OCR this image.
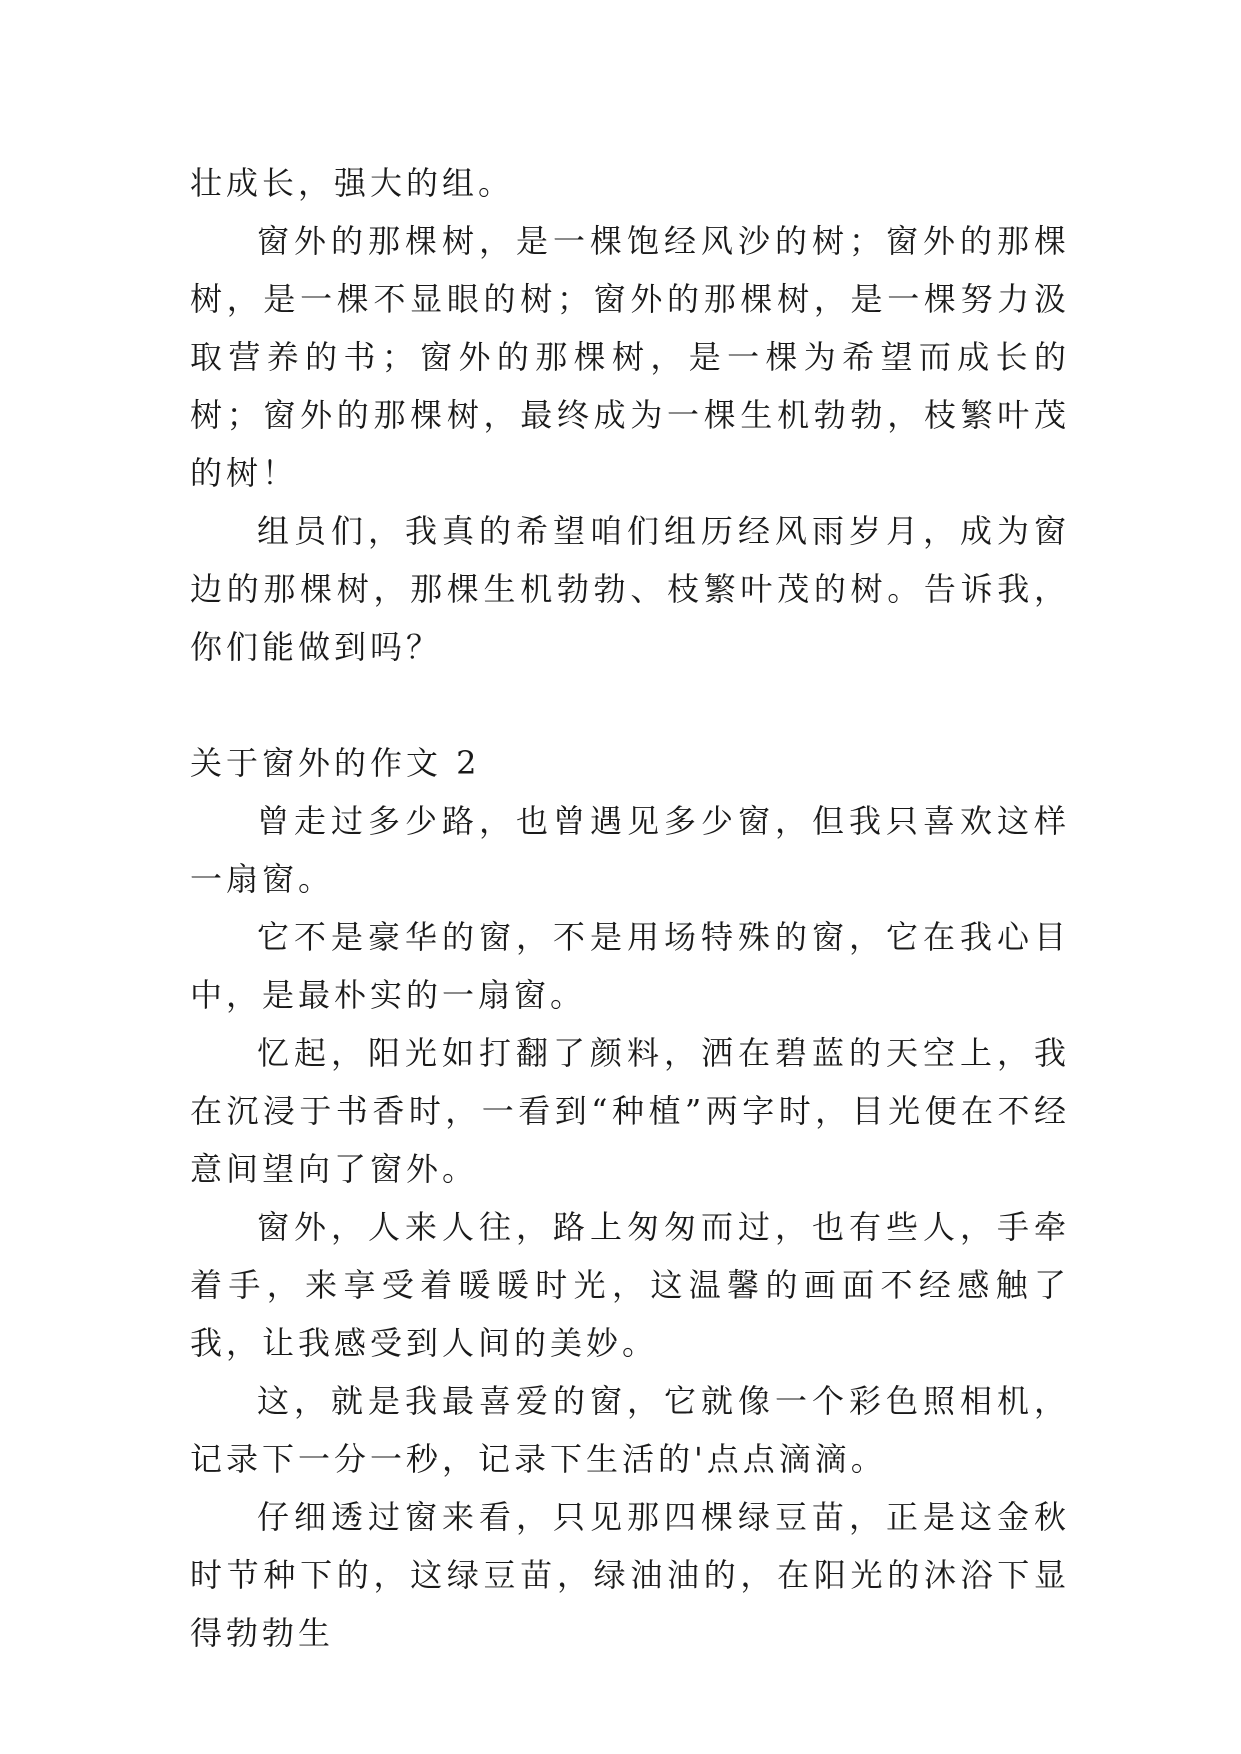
壮成长，强大的组。

窗外的那棵树，是一棵饱经风沙的树；窗外的那棵树，是一棵不显眼的树；窗外的那棵树，是一棵努力汲取营养的书；窗外的那棵树，是一棵为希望而成长的树；窗外的那棵树，最终成为一棵生机勃勃，枝繁叶茂的树！

组员们，我真的希望咱们组历经风雨岁月，成为窗边的那棵树，那棵生机勃勃、枝繁叶茂的树。告诉我，你们能做到吗？

关于窗外的作文 2

曾走过多少路，也曾遇见多少窗，但我只喜欢这样一扇窗。

它不是豪华的窗，不是用场特殊的窗，它在我心目中，是最朴实的一扇窗。

忆起，阳光如打翻了颜料，洒在碧蓝的天空上，我在沉浸于书香时，一看到“种植”两字时，目光便在不经意间望向了窗外。

窗外，人来人往，路上匆匆而过，也有些人，手牵着手，来享受着暖暖时光，这温馨的画面不经感触了我，让我感受到人间的美妙。

这，就是我最喜爱的窗，它就像一个彩色照相机，记录下一分一秒，记录下生活的'点点滴滴。

仔细透过窗来看，只见那四棵绿豆苗，正是这金秋时节种下的，这绿豆苗，绿油油的，在阳光的沐浴下显得勃勃生
